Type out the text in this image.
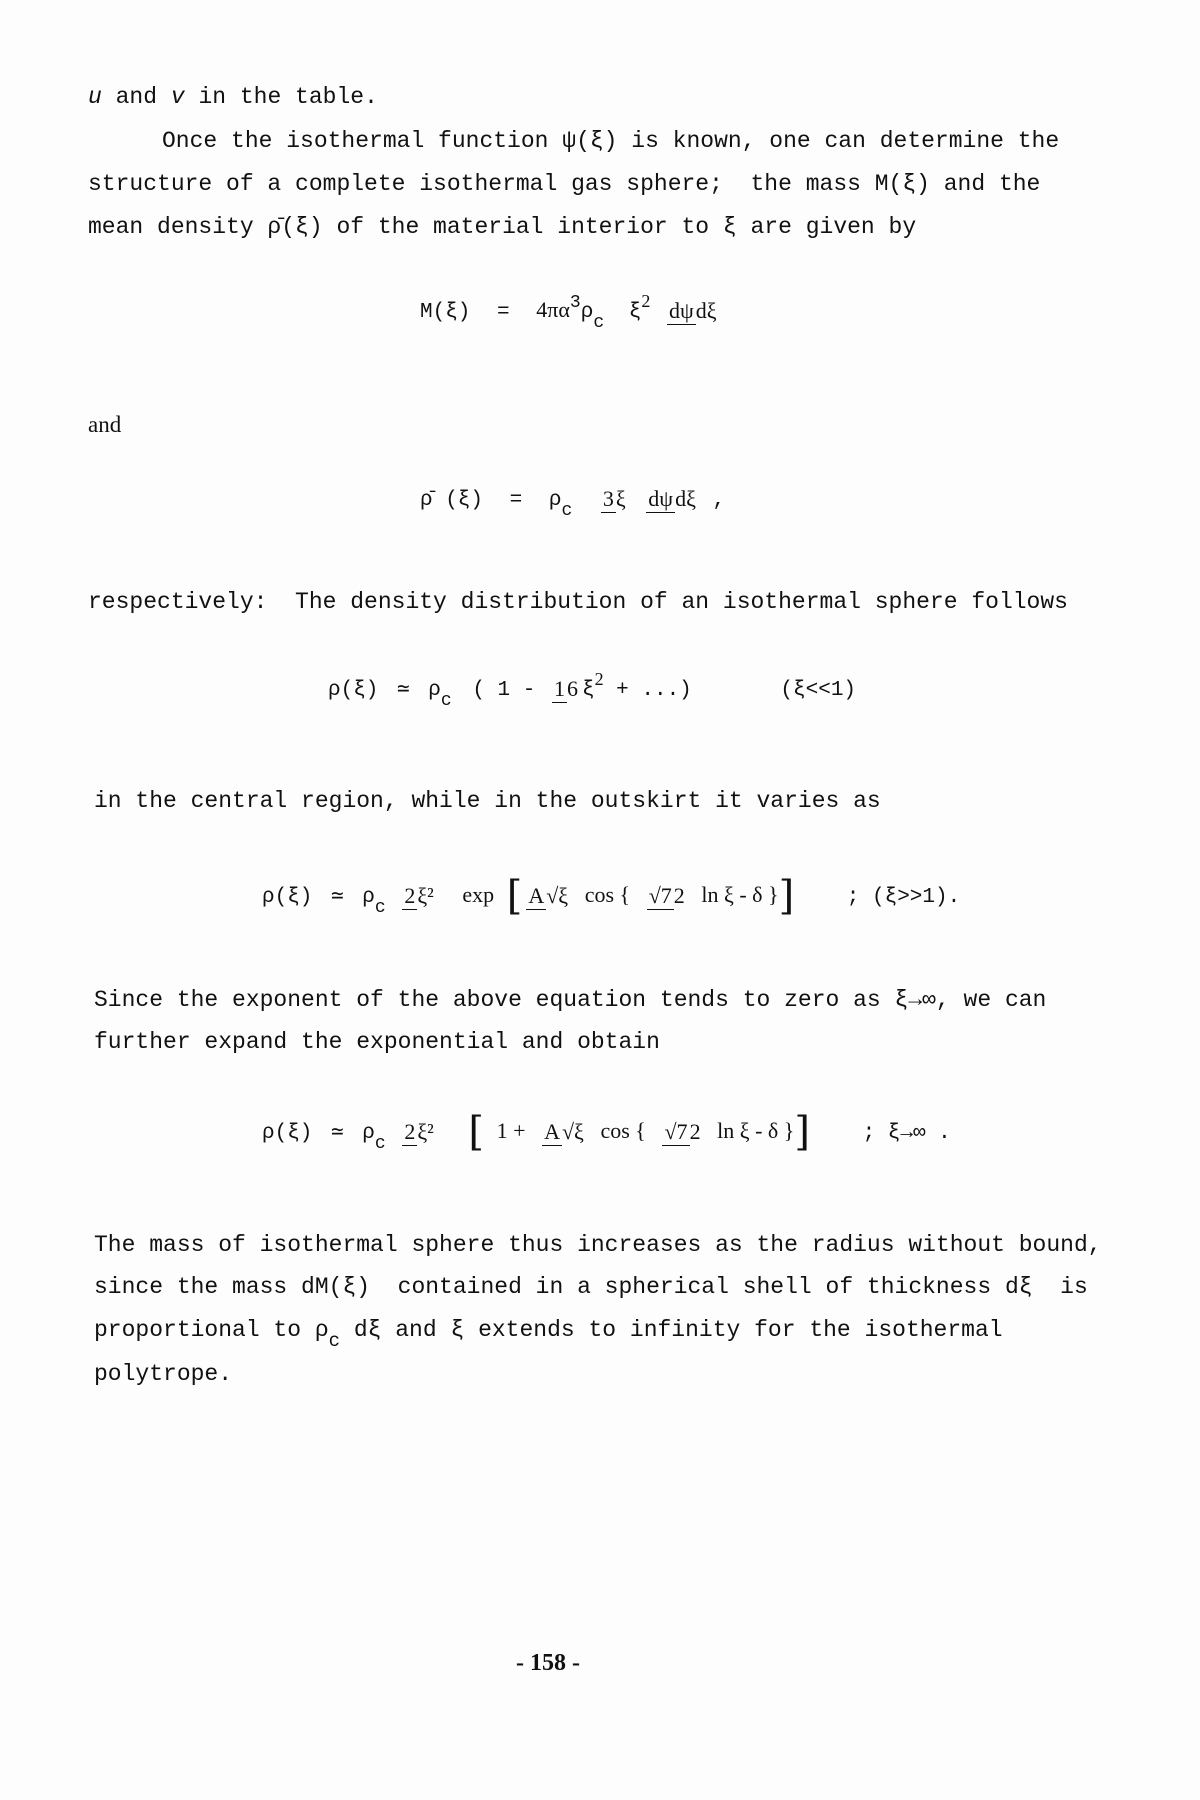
u and v in the table.
Once the isothermal function ψ(ξ) is known, one can determine the
structure of a complete isothermal gas sphere;  the mass M(ξ) and the
mean density ρ̄(ξ) of the material interior to ξ are given by
M(ξ) = 4πα3ρc ξ2 dψdξ
and
ρ̄ (ξ) = ρc 3ξ dψdξ ,
respectively:  The density distribution of an isothermal sphere follows
ρ(ξ) ≃ ρc ( 1 - 16 ξ2 + ...)	(ξ<<1)
in the central region, while in the outskirt it varies as
ρ(ξ) ≃ ρc 2ξ² exp [ A√ξ cos { √72 ln ξ - δ }]	; (ξ>>1).
Since the exponent of the above equation tends to zero as ξ→∞, we can
further expand the exponential and obtain
ρ(ξ) ≃ ρc 2ξ² [ 1 + A√ξ cos { √72 ln ξ - δ }]	; ξ→∞ .
The mass of isothermal sphere thus increases as the radius without bound,
since the mass dM(ξ)  contained in a spherical shell of thickness dξ  is
proportional to $\rho_c$ dξ and ξ extends to infinity for the isothermal
polytrope.
- 158 -
